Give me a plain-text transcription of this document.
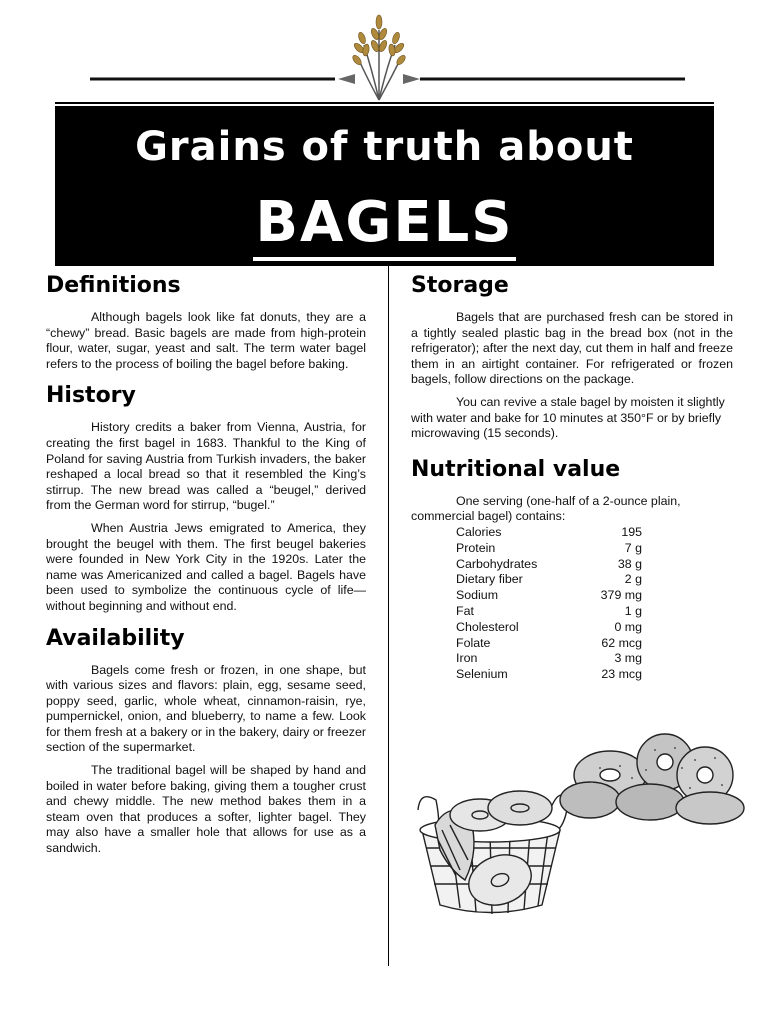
Grains of truth about
BAGELS
Definitions

Although bagels look like fat donuts, they are a “chewy” bread. Basic bagels are made from high-protein flour, water, sugar, yeast and salt. The term water bagel refers to the process of boiling the bagel before baking.

History

History credits a baker from Vienna, Austria, for creating the first bagel in 1683. Thankful to the King of Poland for saving Austria from Turkish invaders, the baker reshaped a local bread so that it resembled the King’s stirrup. The new bread was called a “beugel,” derived from the German word for stirrup, “bugel.”

When Austria Jews emigrated to America, they brought the beugel with them. The first beugel bakeries were founded in New York City in the 1920s. Later the name was Americanized and called a bagel. Bagels have been used to symbolize the continuous cycle of life—without beginning and without end.

Availability

Bagels come fresh or frozen, in one shape, but with various sizes and flavors: plain, egg, sesame seed, poppy seed, garlic, whole wheat, cinnamon-raisin, rye, pumpernickel, onion, and blueberry, to name a few. Look for them fresh at a bakery or in the bakery, dairy or freezer section of the supermarket.

The traditional bagel will be shaped by hand and boiled in water before baking, giving them a tougher crust and chewy middle. The new method bakes them in a steam oven that produces a softer, lighter bagel. They may also have a smaller hole that allows for use as a sandwich.

Storage

Bagels that are purchased fresh can be stored in a tightly sealed plastic bag in the bread box (not in the refrigerator); after the next day, cut them in half and freeze them in an airtight container. For refrigerated or frozen bagels, follow directions on the package.

You can revive a stale bagel by moisten it slightly with water and bake for 10 minutes at 350°F or by briefly microwaving (15 seconds).

Nutritional value

One serving (one-half of a 2-ounce plain, commercial bagel) contains:

Calories	195
Protein	7 g
Carbohydrates	38 g
Dietary fiber	2 g
Sodium	379 mg
Fat	1 g
Cholesterol	0 mg
Folate	62 mcg
Iron	3 mg
Selenium	23 mcg
